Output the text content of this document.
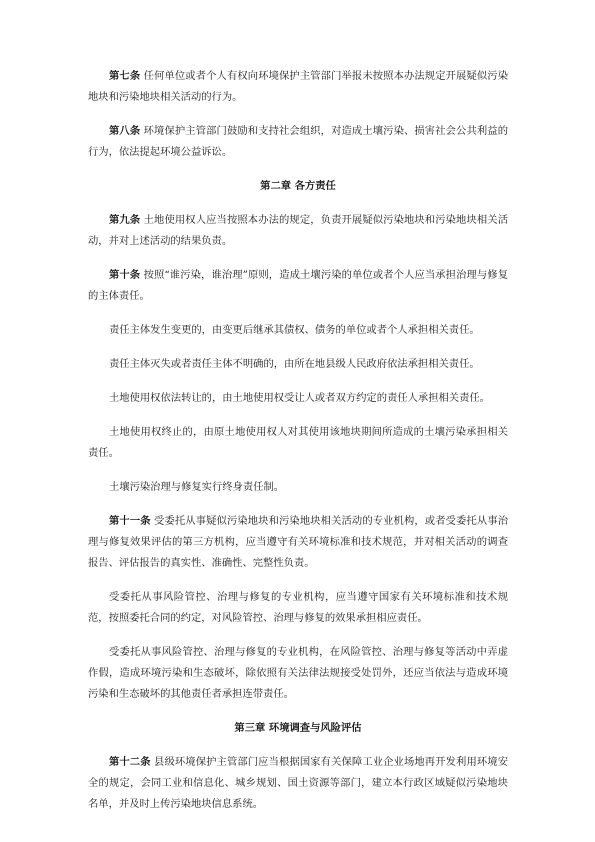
第七条 任何单位或者个人有权向环境保护主管部门举报未按照本办法规定开展疑似污染地块和污染地块相关活动的行为。

第八条 环境保护主管部门鼓励和支持社会组织，对造成土壤污染、损害社会公共利益的行为，依法提起环境公益诉讼。

第二章 各方责任

第九条 土地使用权人应当按照本办法的规定，负责开展疑似污染地块和污染地块相关活动，并对上述活动的结果负责。

第十条 按照“谁污染，谁治理”原则，造成土壤污染的单位或者个人应当承担治理与修复的主体责任。

责任主体发生变更的，由变更后继承其债权、债务的单位或者个人承担相关责任。

责任主体灭失或者责任主体不明确的，由所在地县级人民政府依法承担相关责任。

土地使用权依法转让的，由土地使用权受让人或者双方约定的责任人承担相关责任。

土地使用权终止的，由原土地使用权人对其使用该地块期间所造成的土壤污染承担相关责任。

土壤污染治理与修复实行终身责任制。

第十一条 受委托从事疑似污染地块和污染地块相关活动的专业机构，或者受委托从事治理与修复效果评估的第三方机构，应当遵守有关环境标准和技术规范，并对相关活动的调查报告、评估报告的真实性、准确性、完整性负责。

受委托从事风险管控、治理与修复的专业机构，应当遵守国家有关环境标准和技术规范，按照委托合同的约定，对风险管控、治理与修复的效果承担相应责任。

受委托从事风险管控、治理与修复的专业机构，在风险管控、治理与修复等活动中弄虚作假，造成环境污染和生态破坏，除依照有关法律法规接受处罚外，还应当依法与造成环境污染和生态破坏的其他责任者承担连带责任。

第三章 环境调查与风险评估

第十二条 县级环境保护主管部门应当根据国家有关保障工业企业场地再开发利用环境安全的规定，会同工业和信息化、城乡规划、国土资源等部门，建立本行政区域疑似污染地块名单，并及时上传污染地块信息系统。
